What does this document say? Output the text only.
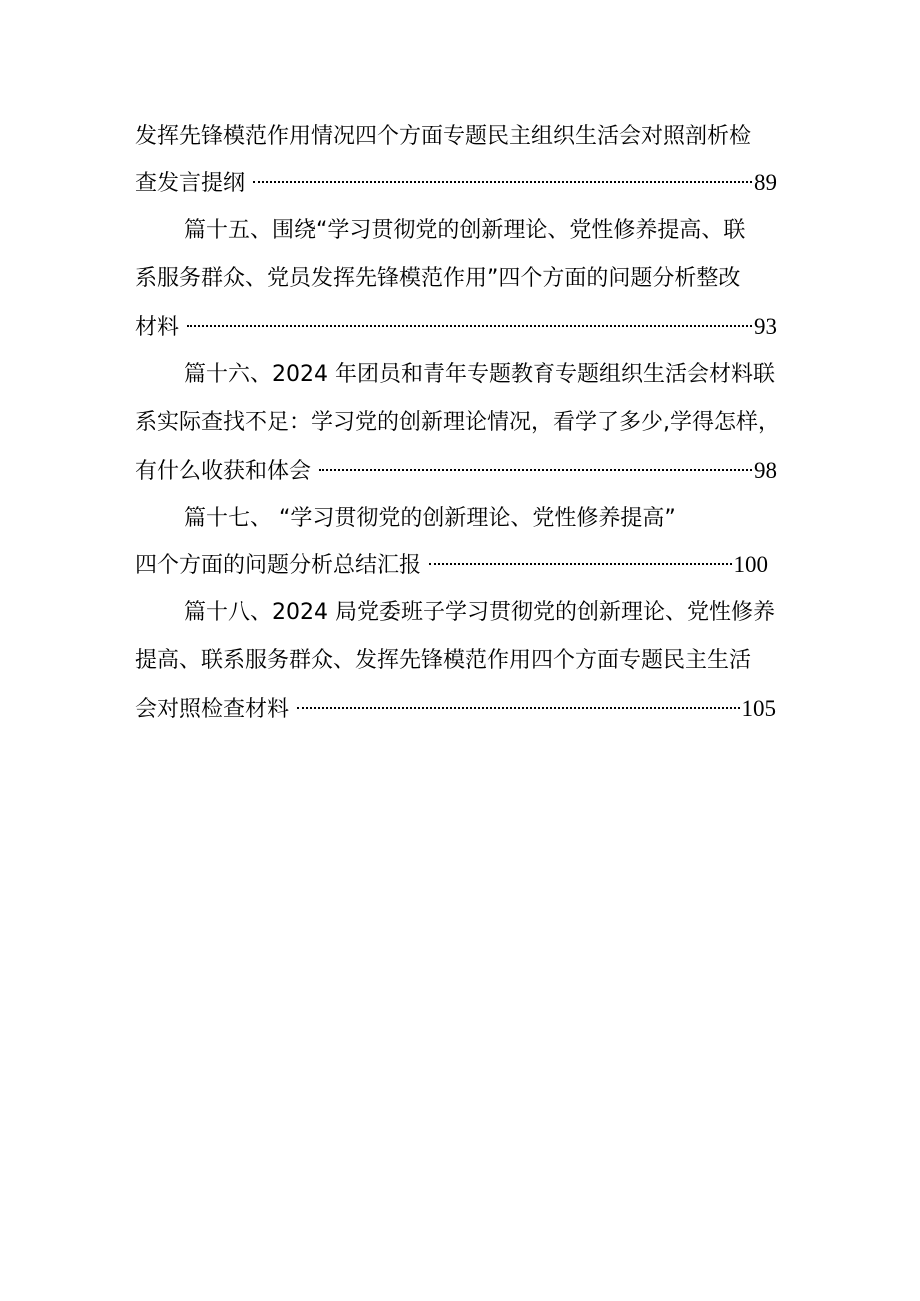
发挥先锋模范作用情况四个方面专题民主组织生活会对照剖析检
查发言提纲	89
篇十五、围绕“学习贯彻党的创新理论、党性修养提高、联
系服务群众、党员发挥先锋模范作用”四个方面的问题分析整改
材料	93
篇十六、2024 年团员和青年专题教育专题组织生活会材料联
系实际查找不足：学习党的创新理论情况，看学了多少,学得怎样，
有什么收获和体会	98
篇十七、 “学习贯彻党的创新理论、党性修养提高”
四个方面的问题分析总结汇报	100
篇十八、2024 局党委班子学习贯彻党的创新理论、党性修养
提高、联系服务群众、发挥先锋模范作用四个方面专题民主生活
会对照检查材料	105
